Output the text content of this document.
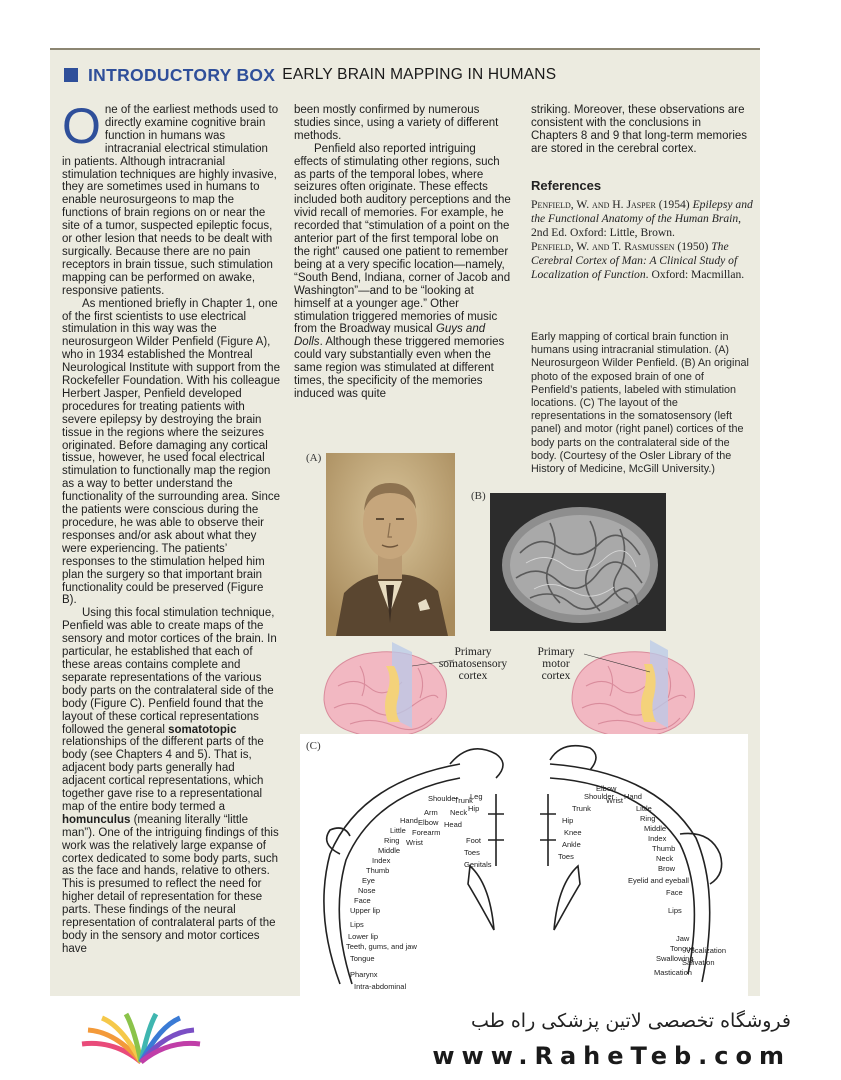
INTRODUCTORY BOX EARLY BRAIN MAPPING IN HUMANS

One of the earliest methods used to directly examine cognitive brain function in humans was intracranial electrical stimulation in patients. Although intracranial stimulation techniques are highly invasive, they are sometimes used in humans to enable neurosurgeons to map the functions of brain regions on or near the site of a tumor, suspected epileptic focus, or other lesion that needs to be dealt with surgically. Because there are no pain receptors in brain tissue, such stimulation mapping can be performed on awake, responsive patients.

As mentioned briefly in Chapter 1, one of the first scientists to use electrical stimulation in this way was the neurosurgeon Wilder Penfield (Figure A), who in 1934 established the Montreal Neurological Institute with support from the Rockefeller Foundation. With his colleague Herbert Jasper, Penfield developed procedures for treating patients with severe epilepsy by destroying the brain tissue in the regions where the seizures originated. Before damaging any cortical tissue, however, he used focal electrical stimulation to functionally map the region as a way to better understand the functionality of the surrounding area. Since the patients were conscious during the procedure, he was able to observe their responses and/or ask about what they were experiencing. The patients’ responses to the stimulation helped him plan the surgery so that important brain functionality could be preserved (Figure B).

Using this focal stimulation technique, Penfield was able to create maps of the sensory and motor cortices of the brain. In particular, he established that each of these areas contains complete and separate representations of the various body parts on the contralateral side of the body (Figure C). Penfield found that the layout of these cortical representations followed the general somatotopic relationships of the different parts of the body (see Chapters 4 and 5). That is, adjacent body parts generally had adjacent cortical representations, which together gave rise to a representational map of the entire body termed a homunculus (meaning literally “little man”). One of the intriguing findings of this work was the relatively large expanse of cortex dedicated to some body parts, such as the face and hands, relative to others. This is presumed to reflect the need for higher detail of representation for these parts. These findings of the neural representation of contralateral parts of the body in the sensory and motor cortices have

been mostly confirmed by numerous studies since, using a variety of different methods.

Penfield also reported intriguing effects of stimulating other regions, such as parts of the temporal lobes, where seizures often originate. These effects included both auditory perceptions and the vivid recall of memories. For example, he recorded that “stimulation of a point on the anterior part of the first temporal lobe on the right” caused one patient to remember being at a very specific location—namely, “South Bend, Indiana, corner of Jacob and Washington”—and to be “looking at himself at a younger age.” Other stimulation triggered memories of music from the Broadway musical Guys and Dolls. Although these triggered memories could vary substantially even when the same region was stimulated at different times, the specificity of the memories induced was quite

striking. Moreover, these observations are consistent with the conclusions in Chapters 8 and 9 that long-term memories are stored in the cerebral cortex.

References
Penfield, W. and H. Jasper (1954) Epilepsy and the Functional Anatomy of the Human Brain, 2nd Ed. Oxford: Little, Brown.
Penfield, W. and T. Rasmussen (1950) The Cerebral Cortex of Man: A Clinical Study of Localization of Function. Oxford: Macmillan.
Early mapping of cortical brain function in humans using intracranial stimulation. (A) Neurosurgeon Wilder Penfield. (B) An original photo of the exposed brain of one of Penfield’s patients, labeled with stimulation locations. (C) The layout of the representations in the somatosensory (left panel) and motor (right panel) cortices of the body parts on the contralateral side of the body. (Courtesy of the Osler Library of the History of Medicine, McGill University.)
(A)
(B)
Primary
somatosensory
cortex
Primary
motor
cortex
(C)
Genitals
Toes
Foot
Leg
Hip
Trunk
Neck
Head
Shoulder
Arm
Elbow
Forearm
Wrist
Hand
Little
Ring
Middle
Index
Thumb
Eye
Nose
Face
Upper lip
Lips
Lower lip
Teeth, gums, and jaw
Tongue
Pharynx
Intra-abdominal
Toes
Ankle
Knee
Hip
Trunk
Shoulder
Elbow
Wrist Hand
Little
Ring
Middle
Index
Thumb
Neck
Brow
Eyelid and eyeball
Face
Lips
Jaw
Tongue
Swallowing
Mastication
Salivation
Vocalization
فروشگاه تخصصی لاتین پزشکی راه طب
www.RaheTeb.com
